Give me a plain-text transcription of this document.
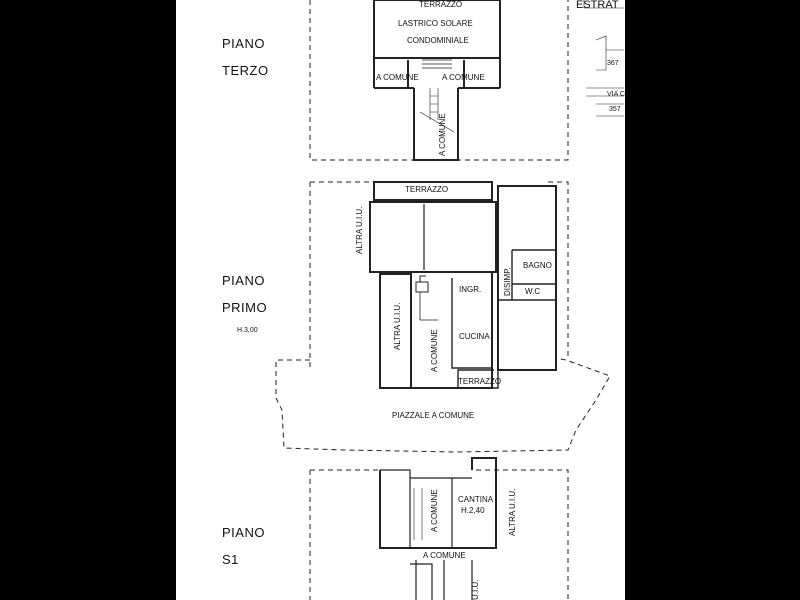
ESTRAT
367
VIA CL
357
PIANO
TERZO
TERRAZZO
LASTRICO SOLARE
CONDOMINIALE
A COMUNE	A COMUNE
A COMUNE
PIANO
PRIMO
H.3,00
TERRAZZO
ALTRA U.I.U.
ALTRA U.I.U.
A COMUNE
INGR.
CUCINA
DISIMP.
BAGNO
W.C
TERRAZZO
PIAZZALE A COMUNE
PIANO
S1
A COMUNE CANTINA
H.2,40	ALTRA U.I.U.
A COMUNE
U.I.U.
